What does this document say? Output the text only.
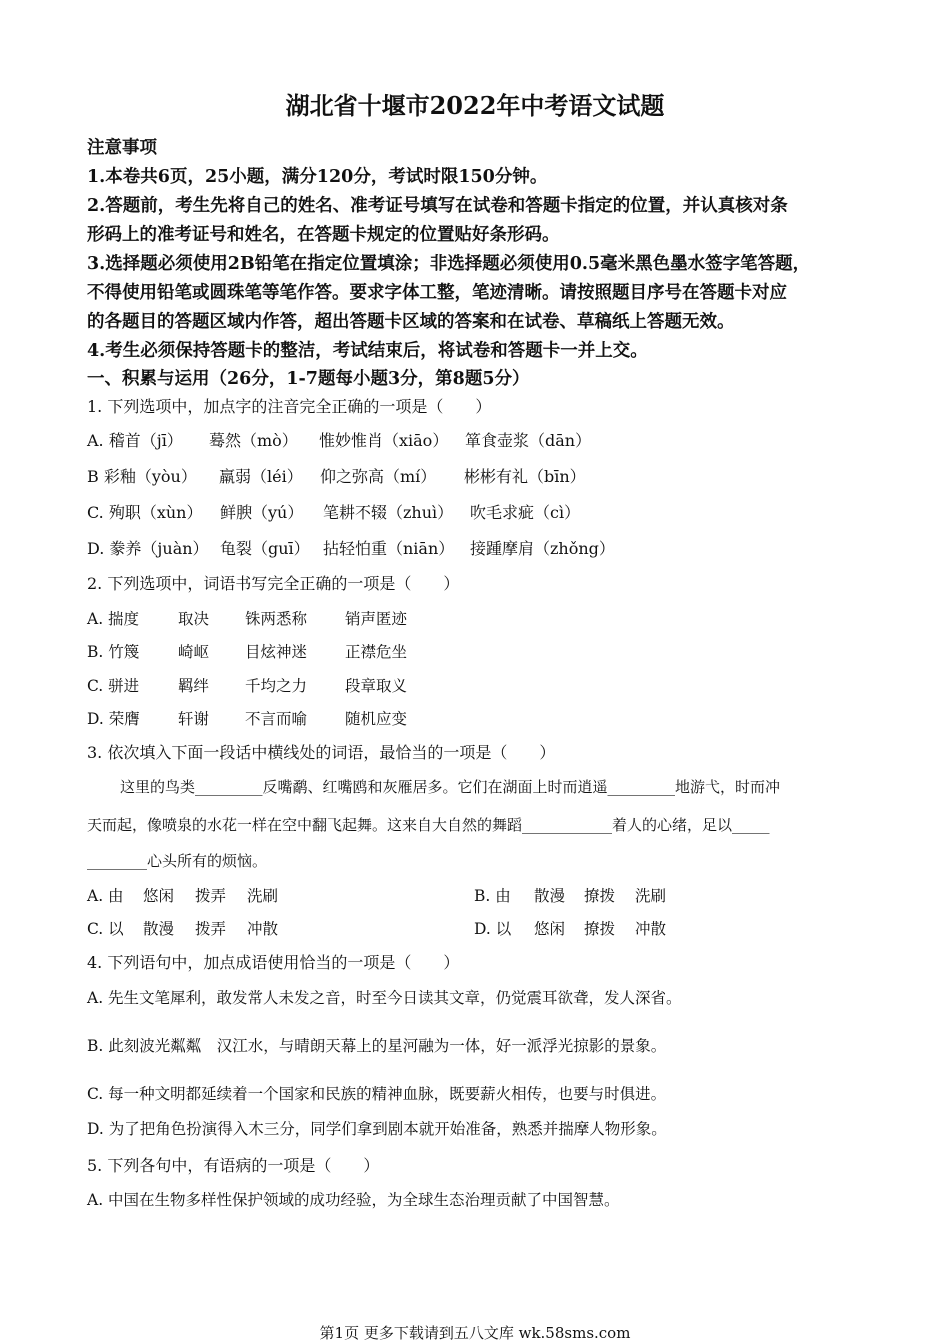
湖北省十堰市2022年中考语文试题
注意事项
1.本卷共6页，25小题，满分120分，考试时限150分钟。
2.答题前，考生先将自己的姓名、准考证号填写在试卷和答题卡指定的位置，并认真核对条
形码上的准考证号和姓名，在答题卡规定的位置贴好条形码。
3.选择题必须使用2B铅笔在指定位置填涂；非选择题必须使用0.5毫米黑色墨水签字笔答题，
不得使用铅笔或圆珠笔等笔作答。要求字体工整，笔迹清晰。请按照题目序号在答题卡对应
的各题目的答题区域内作答，超出答题卡区域的答案和在试卷、草稿纸上答题无效。
4.考生必须保持答题卡的整洁，考试结束后，将试卷和答题卡一并上交。
一、积累与运用（26分，1-7题每小题3分，第8题5分）
1. 下列选项中，加点字的注音完全正确的一项是（　　）
A. 稽首（jī） 蓦然（mò） 惟妙惟肖（xiāo） 箪食壶浆（dān）
B 彩釉（yòu） 羸弱（léi） 仰之弥高（mí） 彬彬有礼（bīn）
C. 殉职（xùn） 鲜腴（yú） 笔耕不辍（zhuì） 吹毛求疵（cì）
D. 豢养（juàn） 龟裂（guī） 拈轻怕重（niān） 接踵摩肩（zhǒng）
2. 下列选项中，词语书写完全正确的一项是（　　）
A. 揣度	取决 铢两悉称 销声匿迹
B. 竹篾	崎岖 目炫神迷 正襟危坐
C. 骈进	羁绊 千均之力 段章取义
D. 荣膺 轩谢 不言而喻 随机应变
3. 依次填入下面一段话中横线处的词语，最恰当的一项是（　　）
这里的鸟类_________反嘴鹬、红嘴鸥和灰雁居多。它们在湖面上时而逍遥_________地游弋，时而冲
天而起，像喷泉的水花一样在空中翻飞起舞。这来自大自然的舞蹈____________着人的心绪，足以_____
________心头所有的烦恼。
A. 由 悠闲 拨弄 洗刷	B. 由 散漫 撩拨 洗刷
C. 以 散漫 拨弄 冲散	D. 以 悠闲 撩拨 冲散
4. 下列语句中，加点成语使用恰当的一项是（　　）
A. 先生文笔犀利，敢发常人未发之音，时至今日读其文章，仍觉震耳欲聋，发人深省。
B. 此刻波光粼粼　汉江水，与晴朗天幕上的星河融为一体，好一派浮光掠影的景象。
C. 每一种文明都延续着一个国家和民族的精神血脉，既要薪火相传，也要与时俱进。
D. 为了把角色扮演得入木三分，同学们拿到剧本就开始准备，熟悉并揣摩人物形象。
5. 下列各句中，有语病的一项是（　　）
A. 中国在生物多样性保护领域的成功经验，为全球生态治理贡献了中国智慧。
第1页 更多下载请到五八文库 wk.58sms.com
